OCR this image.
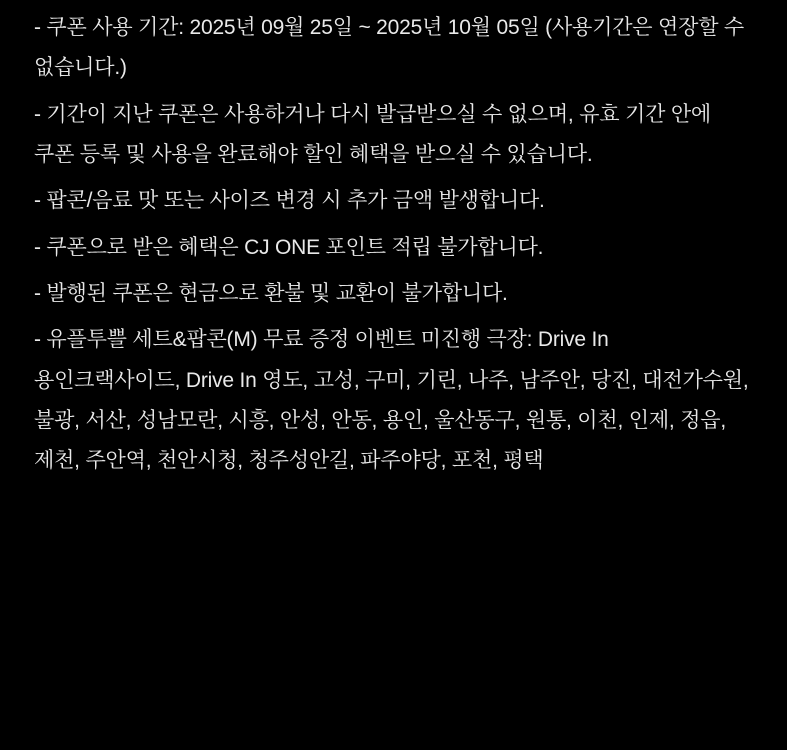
- 쿠폰 사용 기간: 2025년 09월 25일 ~ 2025년 10월 05일 (사용기간은 연장할 수 없습니다.)
- 기간이 지난 쿠폰은 사용하거나 다시 발급받으실 수 없으며, 유효 기간 안에 쿠폰 등록 및 사용을 완료해야 할인 혜택을 받으실 수 있습니다.
- 팝콘/음료 맛 또는 사이즈 변경 시 추가 금액 발생합니다.
- 쿠폰으로 받은 혜택은 CJ ONE 포인트 적립 불가합니다.
- 발행된 쿠폰은 현금으로 환불 및 교환이 불가합니다.
- 유플투쁠 세트&팝콘(M) 무료 증정 이벤트 미진행 극장: Drive In 용인크랙사이드, Drive In 영도, 고성, 구미, 기린, 나주, 남주안, 당진, 대전가수원, 불광, 서산, 성남모란, 시흥, 안성, 안동, 용인, 울산동구, 원통, 이천, 인제, 정읍, 제천, 주안역, 천안시청, 청주성안길, 파주야당, 포천, 평택
